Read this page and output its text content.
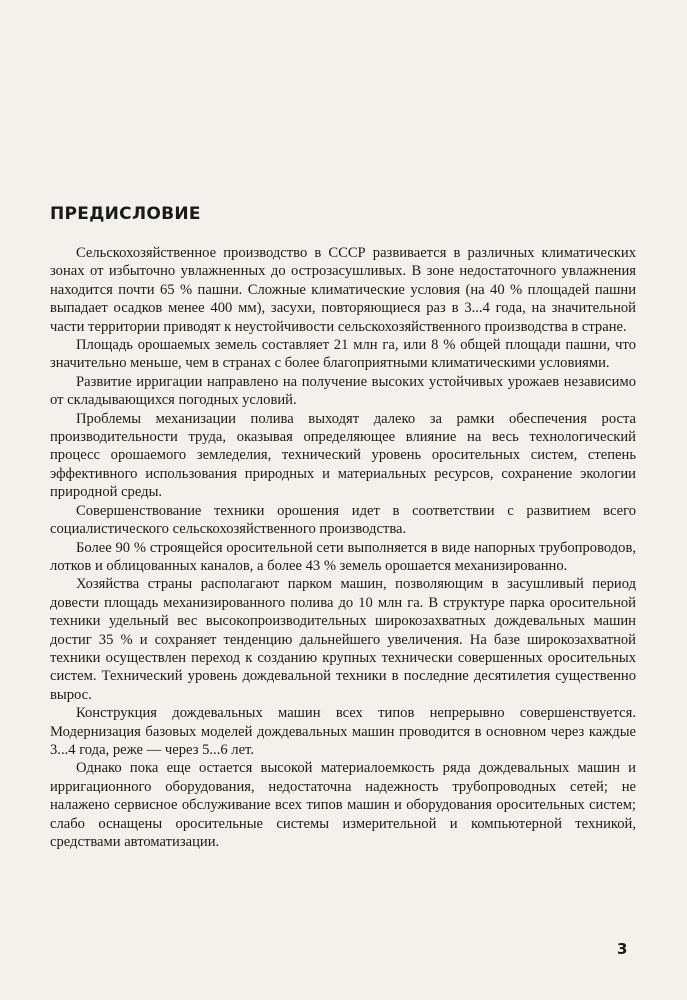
ПРЕДИСЛОВИЕ

Сельскохозяйственное производство в СССР развивается в различных климатических зонах от избыточно увлажненных до острозасушливых. В зоне недостаточного увлажнения находится почти 65 % пашни. Сложные климатические условия (на 40 % площадей пашни выпадает осадков менее 400 мм), засухи, повторяющиеся раз в 3...4 года, на значительной части территории приводят к неустойчивости сельскохозяйственного производства в стране.

Площадь орошаемых земель составляет 21 млн га, или 8 % общей площади пашни, что значительно меньше, чем в странах с более благоприятными климатическими условиями.

Развитие ирригации направлено на получение высоких устойчивых урожаев независимо от складывающихся погодных условий.

Проблемы механизации полива выходят далеко за рамки обеспечения роста производительности труда, оказывая определяющее влияние на весь технологический процесс орошаемого земледелия, технический уровень оросительных систем, степень эффективного использования природных и материальных ресурсов, сохранение экологии природной среды.

Совершенствование техники орошения идет в соответствии с развитием всего социалистического сельскохозяйственного производства.

Более 90 % строящейся оросительной сети выполняется в виде напорных трубопроводов, лотков и облицованных каналов, а более 43 % земель орошается механизированно.

Хозяйства страны располагают парком машин, позволяющим в засушливый период довести площадь механизированного полива до 10 млн га. В структуре парка оросительной техники удельный вес высокопроизводительных широкозахватных дождевальных машин достиг 35 % и сохраняет тенденцию дальнейшего увеличения. На базе широкозахватной техники осуществлен переход к созданию крупных технически совершенных оросительных систем. Технический уровень дождевальной техники в последние десятилетия существенно вырос.

Конструкция дождевальных машин всех типов непрерывно совершенствуется. Модернизация базовых моделей дождевальных машин проводится в основном через каждые 3...4 года, реже — через 5...6 лет.

Однако пока еще остается высокой материалоемкость ряда дождевальных машин и ирригационного оборудования, недостаточна надежность трубопроводных сетей; не налажено сервисное обслуживание всех типов машин и оборудования оросительных систем; слабо оснащены оросительные системы измерительной и компьютерной техникой, средствами автоматизации.

3
